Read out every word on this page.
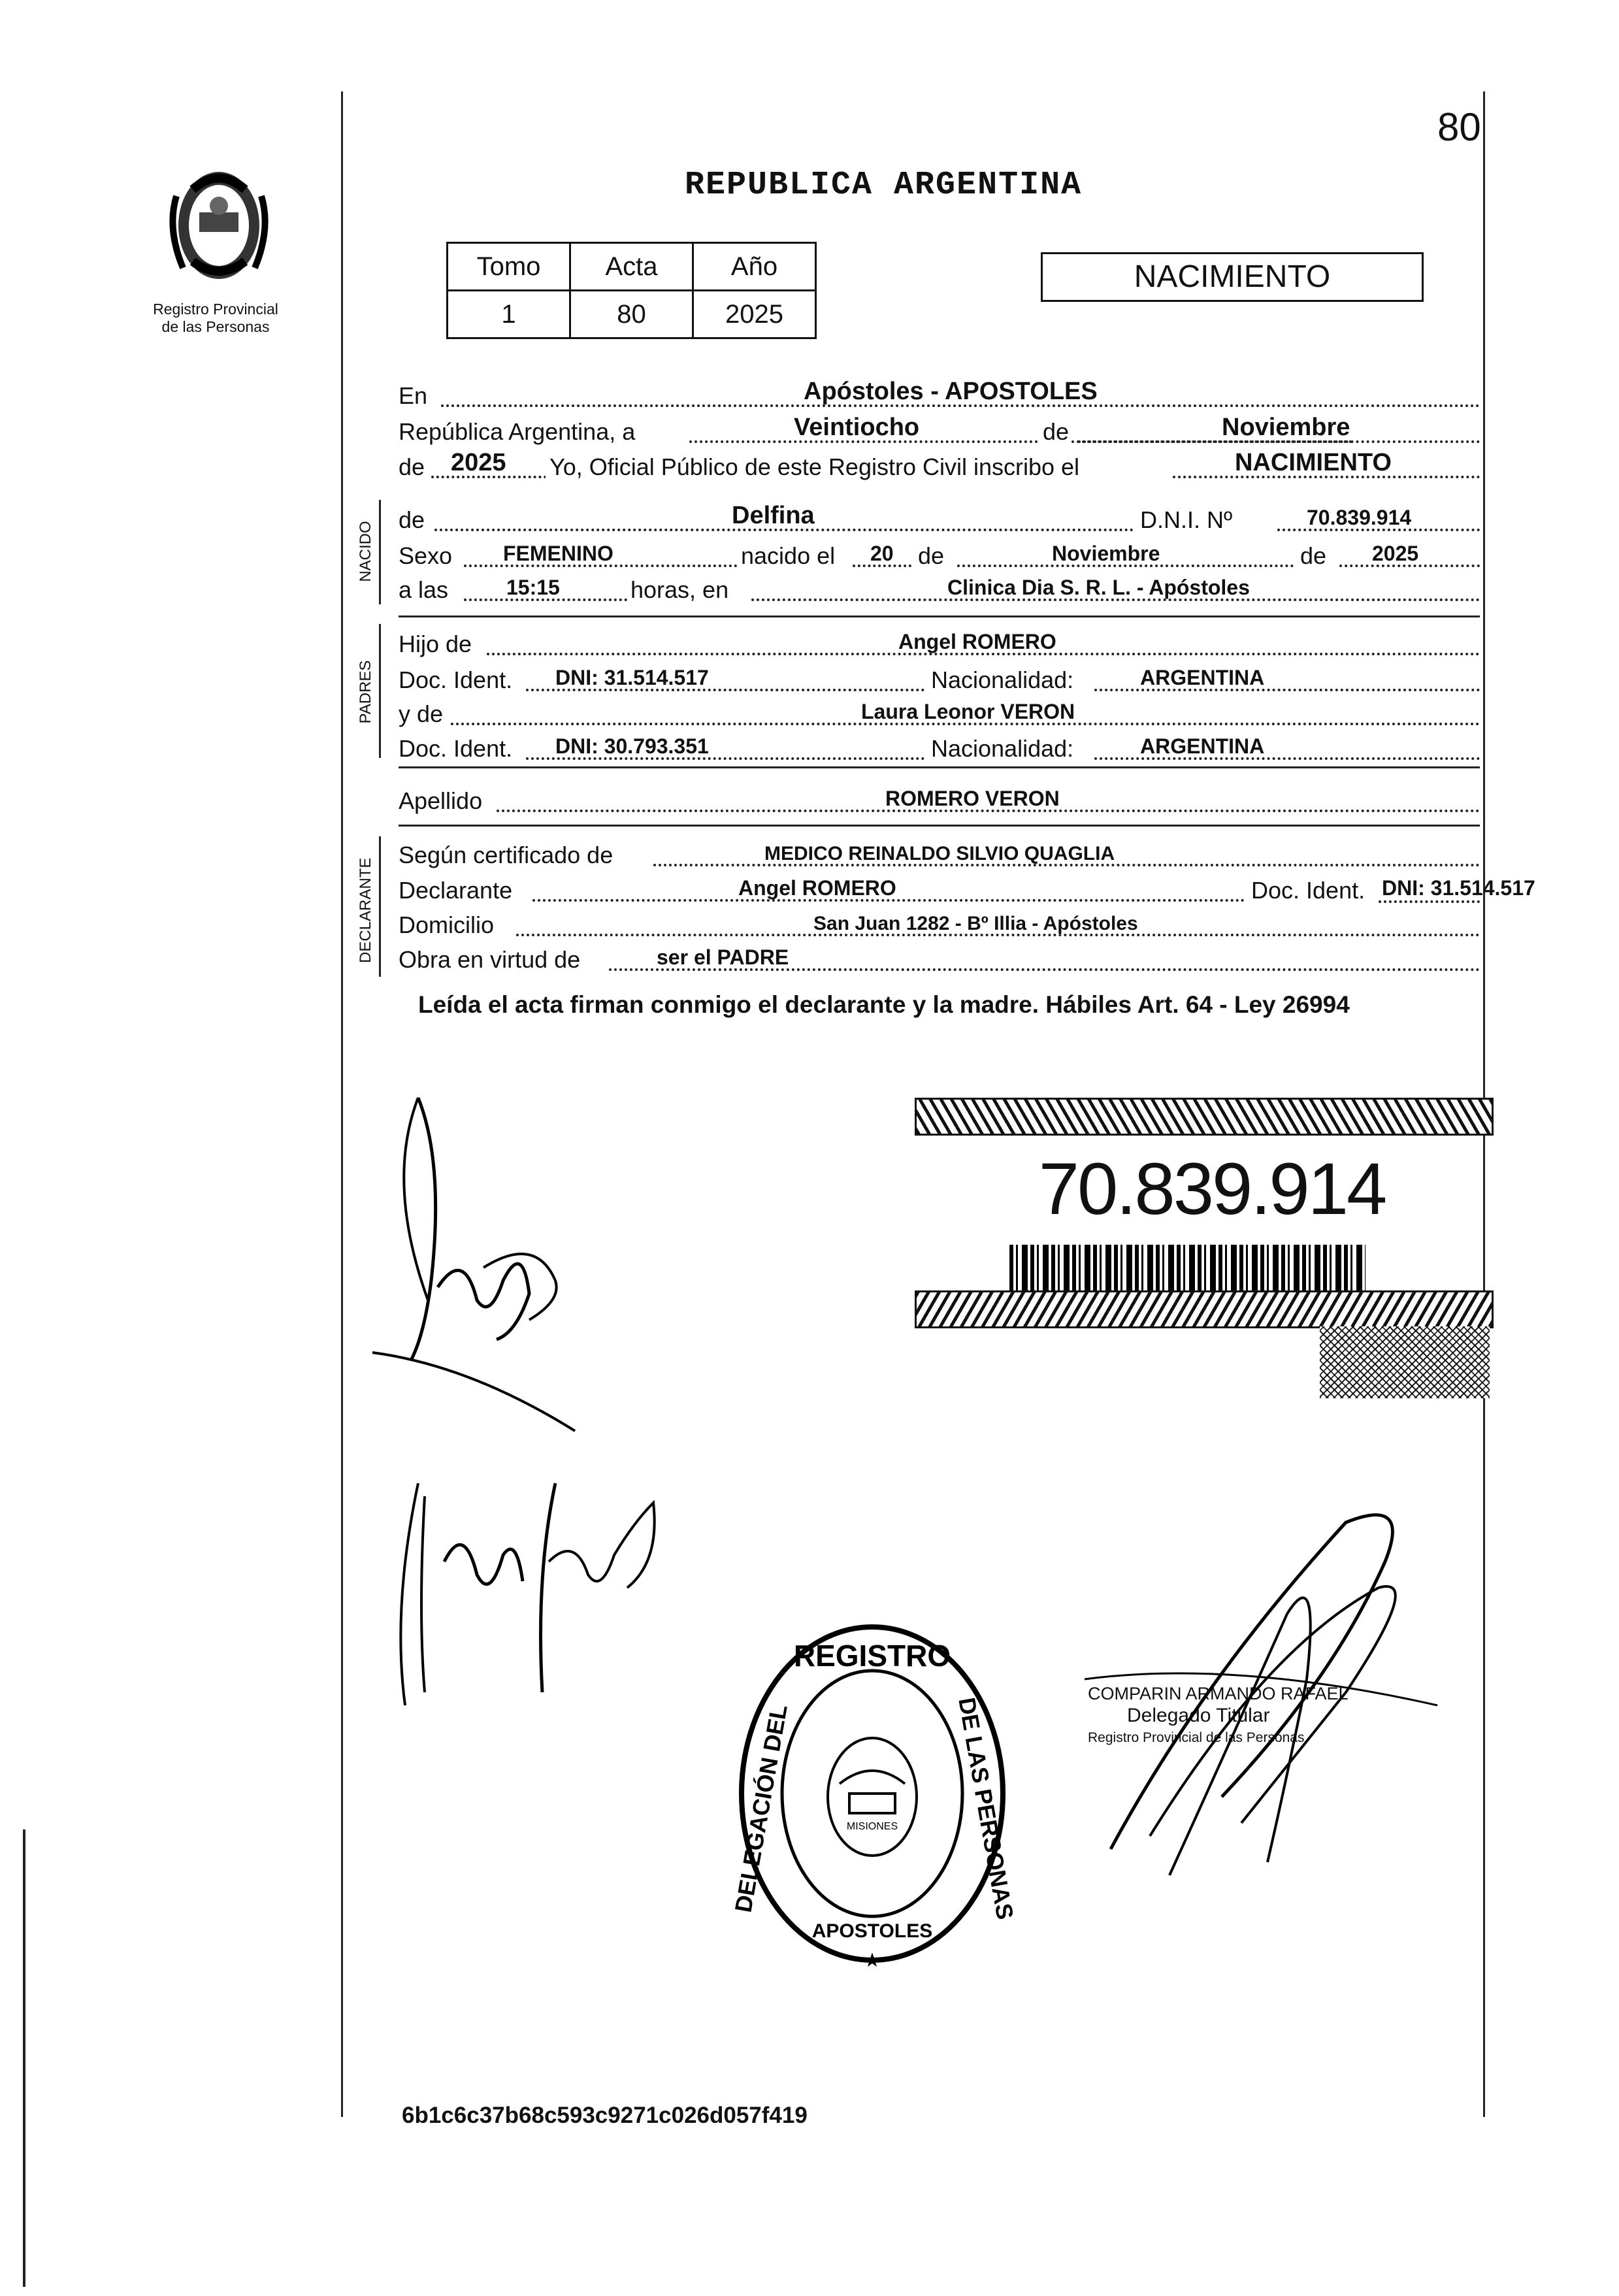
80
Registro Provincial
de las Personas
REPUBLICA ARGENTINA
Tomo	Acta	Año
1	80	2025
NACIMIENTO
En	Apóstoles - APOSTOLES
República Argentina, a	Veintiocho	de	Noviembre
de 2025 Yo, Oficial Público de este Registro Civil inscribo el	NACIMIENTO
NACIDO
de	Delfina	D.N.I. Nº	70.839.914
Sexo FEMENINO	nacido el 20 de	Noviembre	de 2025
a las	15:15	horas, en	Clinica Dia S. R. L. - Apóstoles
PADRES
Hijo de	Angel ROMERO
Doc. Ident. DNI: 31.514.517	Nacionalidad:	ARGENTINA
y de	Laura Leonor VERON
Doc. Ident. DNI: 30.793.351	Nacionalidad:	ARGENTINA
Apellido	ROMERO VERON
DECLARANTE
Según certificado de	MEDICO REINALDO SILVIO QUAGLIA
Declarante	Angel ROMERO	Doc. Ident. DNI: 31.514.517
Domicilio	San Juan 1282 - Bº Illia - Apóstoles
Obra en virtud de	ser el PADRE
Leída el acta firman conmigo el declarante y la madre. Hábiles Art. 64 - Ley 26994
70.839.914
MISIONES
REGISTRO
APOSTOLES
DELEGACIÓN DEL	DE LAS PERSONAS
★
COMPARIN ARMANDO RAFAEL
Delegado Titular
Registro Provincial de las Personas
6b1c6c37b68c593c9271c026d057f419
